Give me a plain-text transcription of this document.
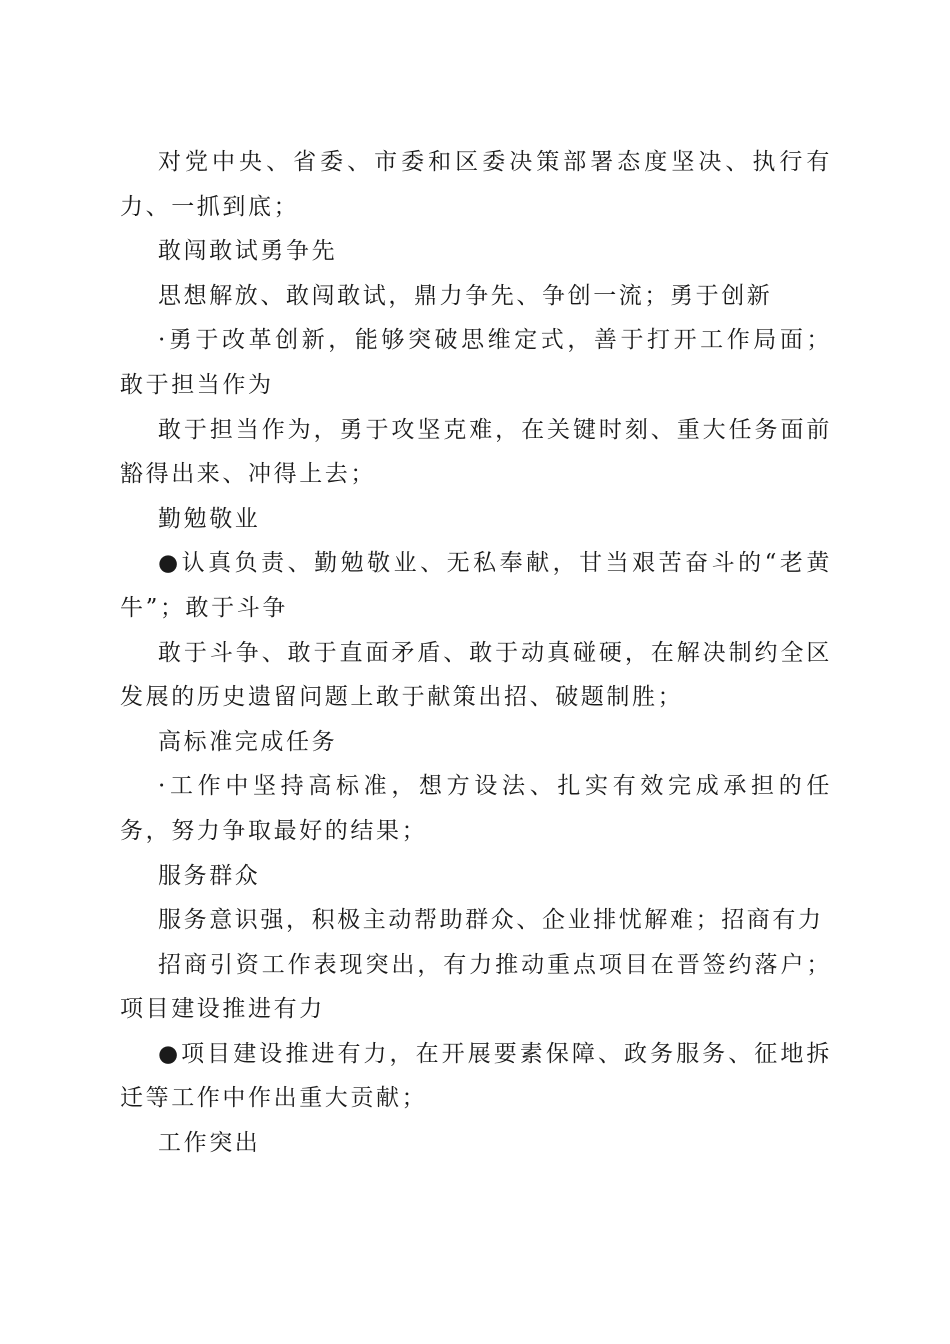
对党中央、省委、市委和区委决策部署态度坚决、执行有力、一抓到底；

敢闯敢试勇争先

思想解放、敢闯敢试，鼎力争先、争创一流；勇于创新

·勇于改革创新，能够突破思维定式，善于打开工作局面；敢于担当作为

敢于担当作为，勇于攻坚克难，在关键时刻、重大任务面前豁得出来、冲得上去；

勤勉敬业

●认真负责、勤勉敬业、无私奉献，甘当艰苦奋斗的“老黄牛”；敢于斗争

敢于斗争、敢于直面矛盾、敢于动真碰硬，在解决制约全区发展的历史遗留问题上敢于献策出招、破题制胜；

高标准完成任务

·工作中坚持高标准，想方设法、扎实有效完成承担的任务，努力争取最好的结果；

服务群众

服务意识强，积极主动帮助群众、企业排忧解难；招商有力

招商引资工作表现突出，有力推动重点项目在晋签约落户；项目建设推进有力

●项目建设推进有力，在开展要素保障、政务服务、征地拆迁等工作中作出重大贡献；

工作突出
